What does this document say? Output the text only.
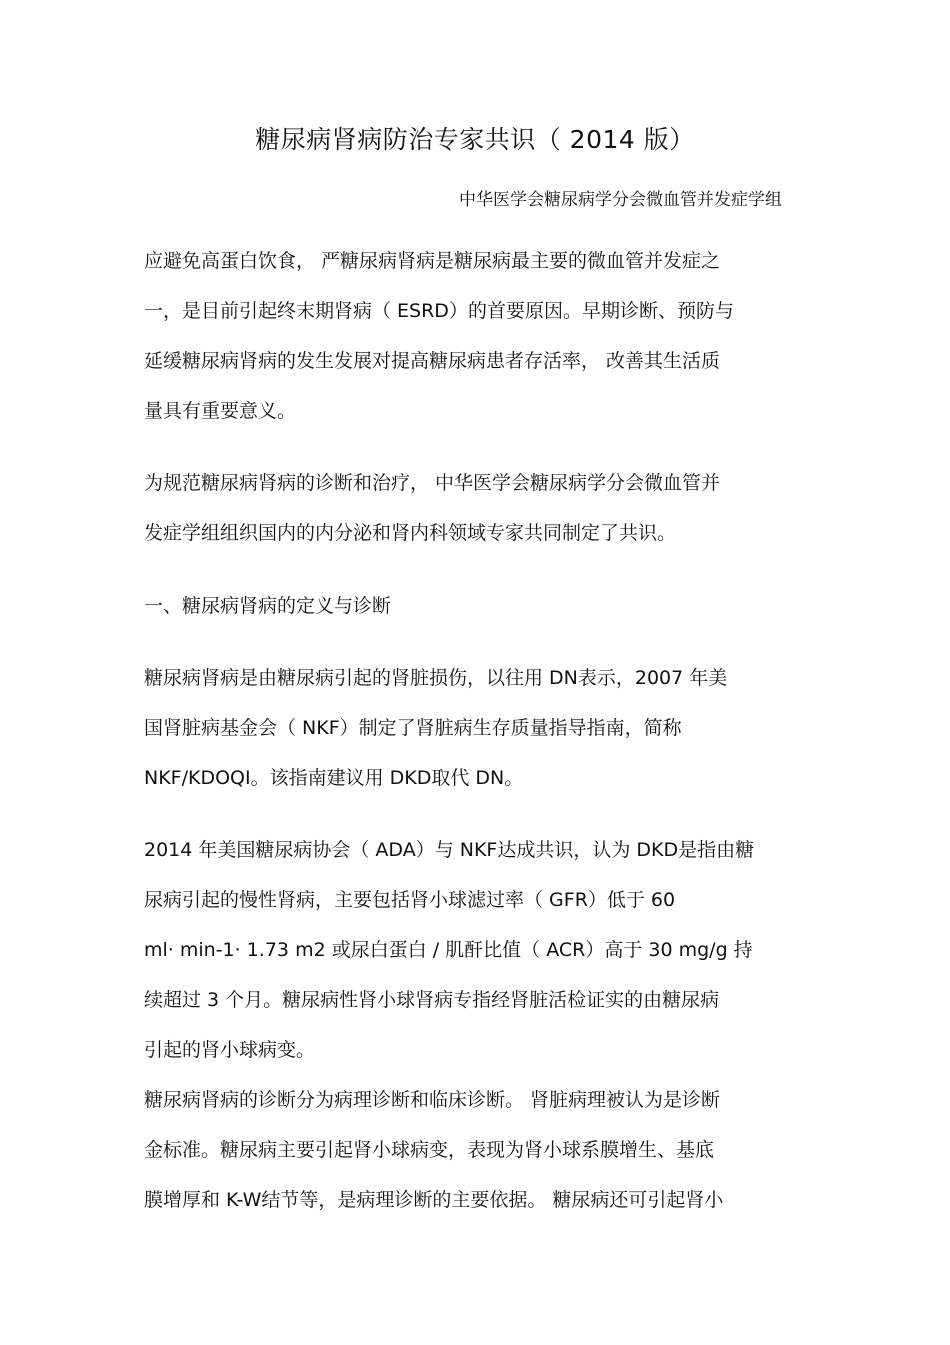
糖尿病肾病防治专家共识（ 2014 版）
中华医学会糖尿病学分会微血管并发症学组
应避免高蛋白饮食， 严糖尿病肾病是糖尿病最主要的微血管并发症之
一，是目前引起终末期肾病（ ESRD）的首要原因。早期诊断、预防与
延缓糖尿病肾病的发生发展对提高糖尿病患者存活率， 改善其生活质
量具有重要意义。
为规范糖尿病肾病的诊断和治疗， 中华医学会糖尿病学分会微血管并
发症学组组织国内的内分泌和肾内科领域专家共同制定了共识。
一、糖尿病肾病的定义与诊断
糖尿病肾病是由糖尿病引起的肾脏损伤，以往用 DN表示，2007 年美
国肾脏病基金会（ NKF）制定了肾脏病生存质量指导指南，简称
NKF/KDOQI。该指南建议用 DKD取代 DN。
2014 年美国糖尿病协会（ ADA）与 NKF达成共识，认为 DKD是指由糖
尿病引起的慢性肾病，主要包括肾小球滤过率（ GFR）低于 60
ml· min-1· 1.73 m2 或尿白蛋白 / 肌酐比值（ ACR）高于 30 mg/g 持
续超过 3 个月。糖尿病性肾小球肾病专指经肾脏活检证实的由糖尿病
引起的肾小球病变。
糖尿病肾病的诊断分为病理诊断和临床诊断。 肾脏病理被认为是诊断
金标准。糖尿病主要引起肾小球病变，表现为肾小球系膜增生、基底
膜增厚和 K-W结节等，是病理诊断的主要依据。 糖尿病还可引起肾小
